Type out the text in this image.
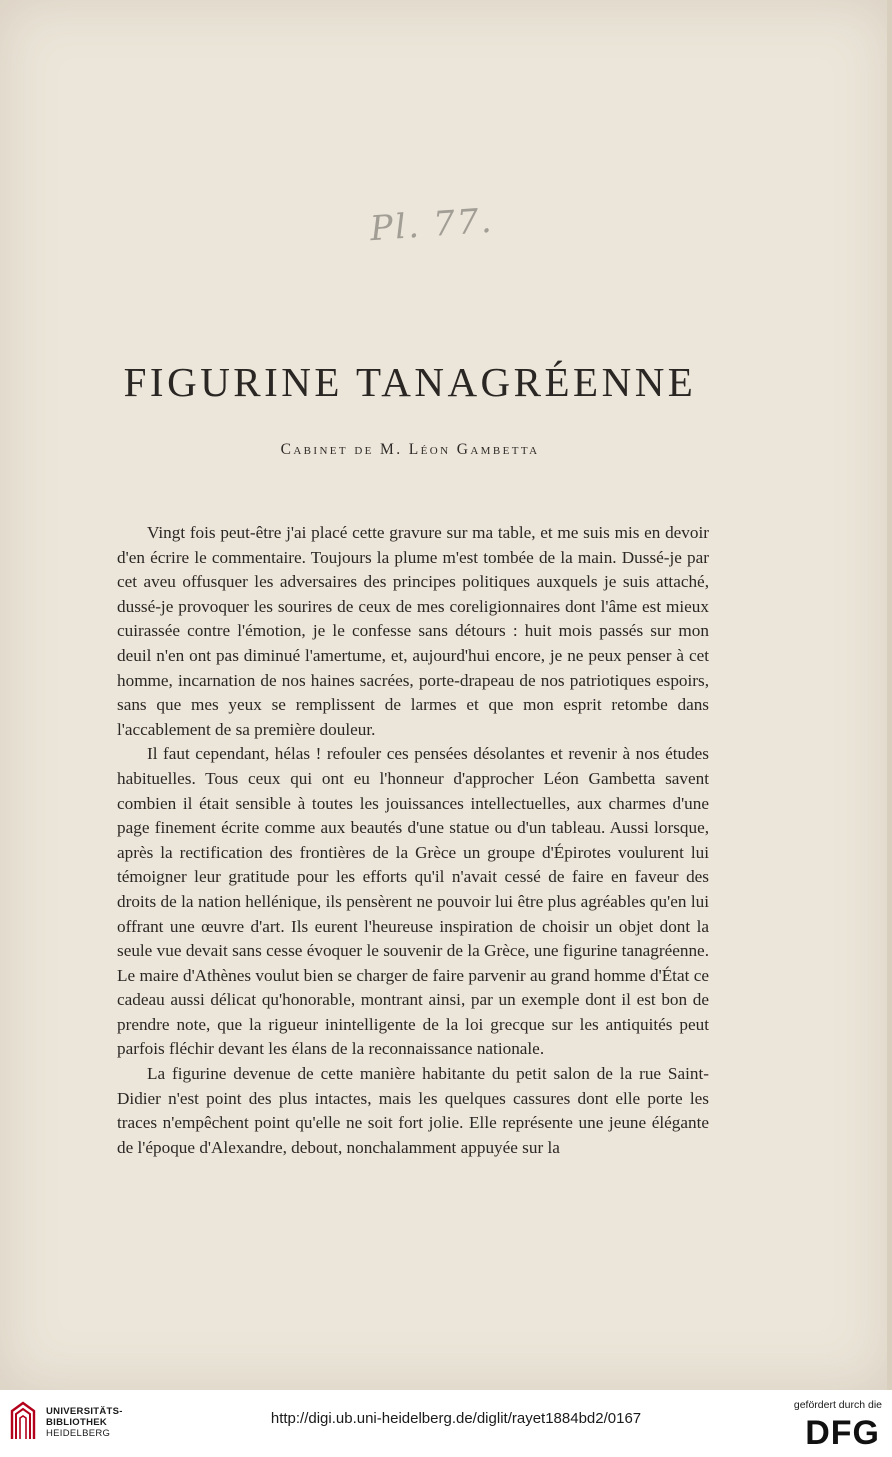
Pl. 77.
FIGURINE TANAGRÉENNE
Cabinet de M. Léon Gambetta

Vingt fois peut-être j'ai placé cette gravure sur ma table, et me suis mis en devoir d'en écrire le commentaire. Toujours la plume m'est tombée de la main. Dussé-je par cet aveu offusquer les adversaires des principes politiques auxquels je suis attaché, dussé-je provoquer les sourires de ceux de mes coreligionnaires dont l'âme est mieux cuirassée contre l'émotion, je le confesse sans détours : huit mois passés sur mon deuil n'en ont pas diminué l'amertume, et, aujourd'hui encore, je ne peux penser à cet homme, incarnation de nos haines sacrées, porte-drapeau de nos patriotiques espoirs, sans que mes yeux se remplissent de larmes et que mon esprit retombe dans l'accablement de sa première douleur.

Il faut cependant, hélas ! refouler ces pensées désolantes et revenir à nos études habituelles. Tous ceux qui ont eu l'honneur d'approcher Léon Gambetta savent combien il était sensible à toutes les jouissances intellectuelles, aux charmes d'une page finement écrite comme aux beautés d'une statue ou d'un tableau. Aussi lorsque, après la rectification des frontières de la Grèce un groupe d'Épirotes voulurent lui témoigner leur gratitude pour les efforts qu'il n'avait cessé de faire en faveur des droits de la nation hellénique, ils pensèrent ne pouvoir lui être plus agréables qu'en lui offrant une œuvre d'art. Ils eurent l'heureuse inspiration de choisir un objet dont la seule vue devait sans cesse évoquer le souvenir de la Grèce, une figurine tanagréenne. Le maire d'Athènes voulut bien se charger de faire parvenir au grand homme d'État ce cadeau aussi délicat qu'honorable, montrant ainsi, par un exemple dont il est bon de prendre note, que la rigueur inintelligente de la loi grecque sur les antiquités peut parfois fléchir devant les élans de la reconnaissance nationale.

La figurine devenue de cette manière habitante du petit salon de la rue Saint-Didier n'est point des plus intactes, mais les quelques cassures dont elle porte les traces n'empêchent point qu'elle ne soit fort jolie. Elle représente une jeune élégante de l'époque d'Alexandre, debout, nonchalamment appuyée sur la

UNIVERSITÄTS-
BIBLIOTHEK
HEIDELBERG
http://digi.ub.uni-heidelberg.de/diglit/rayet1884bd2/0167
gefördert durch die
DFG
